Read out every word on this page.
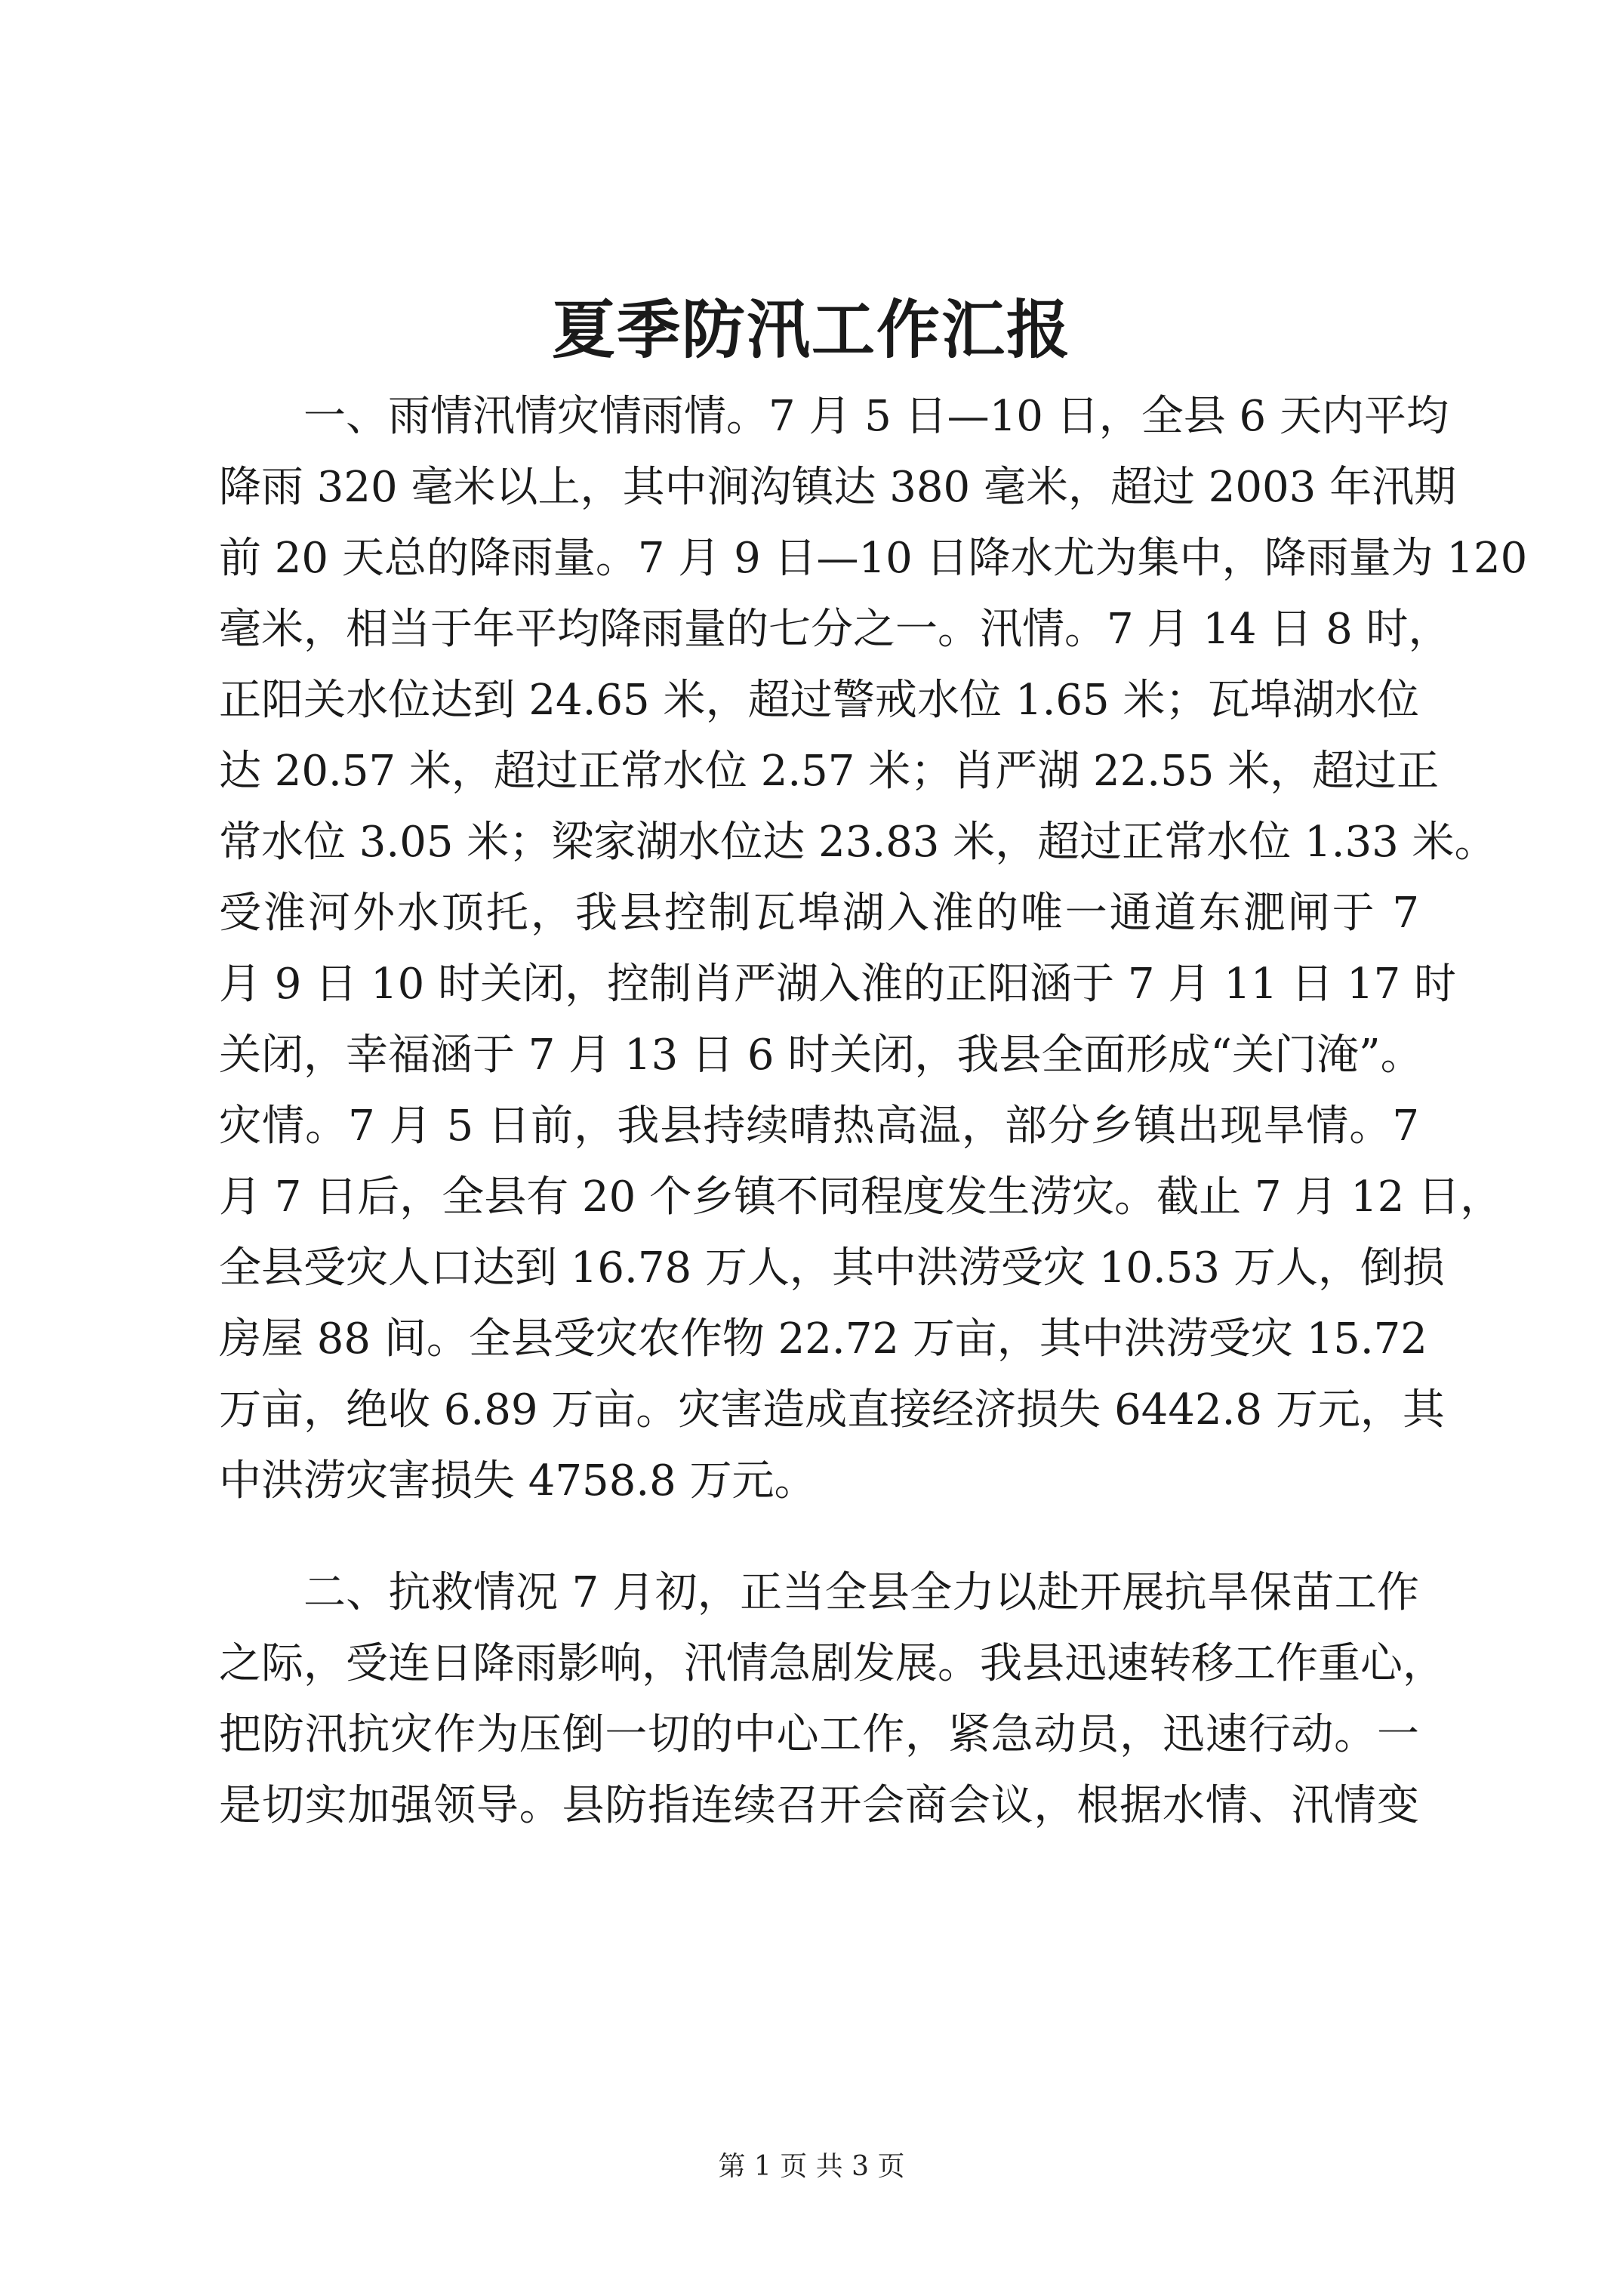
夏季防汛工作汇报
一、雨情汛情灾情雨情。7 月 5 日—10 日，全县 6 天内平均
降雨 320 毫米以上，其中涧沟镇达 380 毫米，超过 2003 年汛期
前 20 天总的降雨量。7 月 9 日—10 日降水尤为集中，降雨量为 120
毫米，相当于年平均降雨量的七分之一。汛情。7 月 14 日 8 时，
正阳关水位达到 24.65 米，超过警戒水位 1.65 米；瓦埠湖水位
达 20.57 米，超过正常水位 2.57 米；肖严湖 22.55 米，超过正
常水位 3.05 米；梁家湖水位达 23.83 米，超过正常水位 1.33 米。
受淮河外水顶托，我县控制瓦埠湖入淮的唯一通道东淝闸于 7
月 9 日 10 时关闭，控制肖严湖入淮的正阳涵于 7 月 11 日 17 时
关闭，幸福涵于 7 月 13 日 6 时关闭，我县全面形成“关门淹”。
灾情。7 月 5 日前，我县持续晴热高温，部分乡镇出现旱情。7
月 7 日后，全县有 20 个乡镇不同程度发生涝灾。截止 7 月 12 日，
全县受灾人口达到 16.78 万人，其中洪涝受灾 10.53 万人，倒损
房屋 88 间。全县受灾农作物 22.72 万亩，其中洪涝受灾 15.72
万亩，绝收 6.89 万亩。灾害造成直接经济损失 6442.8 万元，其
中洪涝灾害损失 4758.8 万元。
二、抗救情况 7 月初，正当全县全力以赴开展抗旱保苗工作
之际，受连日降雨影响，汛情急剧发展。我县迅速转移工作重心，
把防汛抗灾作为压倒一切的中心工作，紧急动员，迅速行动。一
是切实加强领导。县防指连续召开会商会议，根据水情、汛情变
第 1 页 共 3 页
